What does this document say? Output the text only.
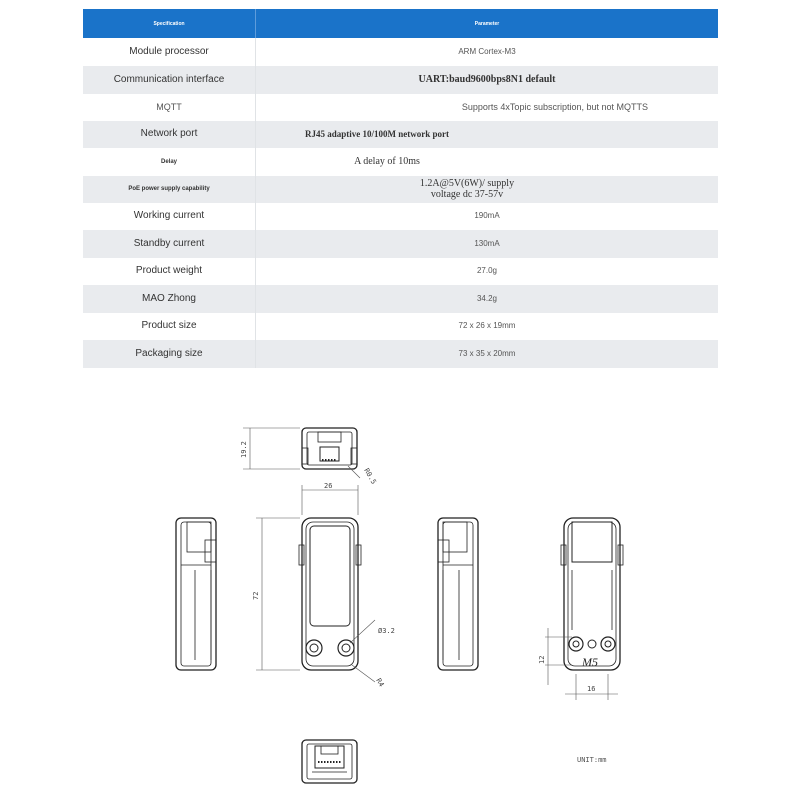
Specification	Parameter
Module processor	ARM Cortex-M3
Communication interface	UART:baud9600bps8N1 default
MQTT	Supports 4xTopic subscription, but not MQTTS
Network port	RJ45 adaptive 10/100M network port
Delay	A delay of 10ms
PoE power supply capability	1.2A@5V(6W)/ supply voltage dc 37-57v
Working current	190mA
Standby current	130mA
Product weight	27.0g
MAO Zhong	34.2g
Product size	72 x 26 x 19mm
Packaging size	73 x 35 x 20mm
19.2
R0.5
26
72
Ø3.2
R4
12
16
M5
UNIT:mm
